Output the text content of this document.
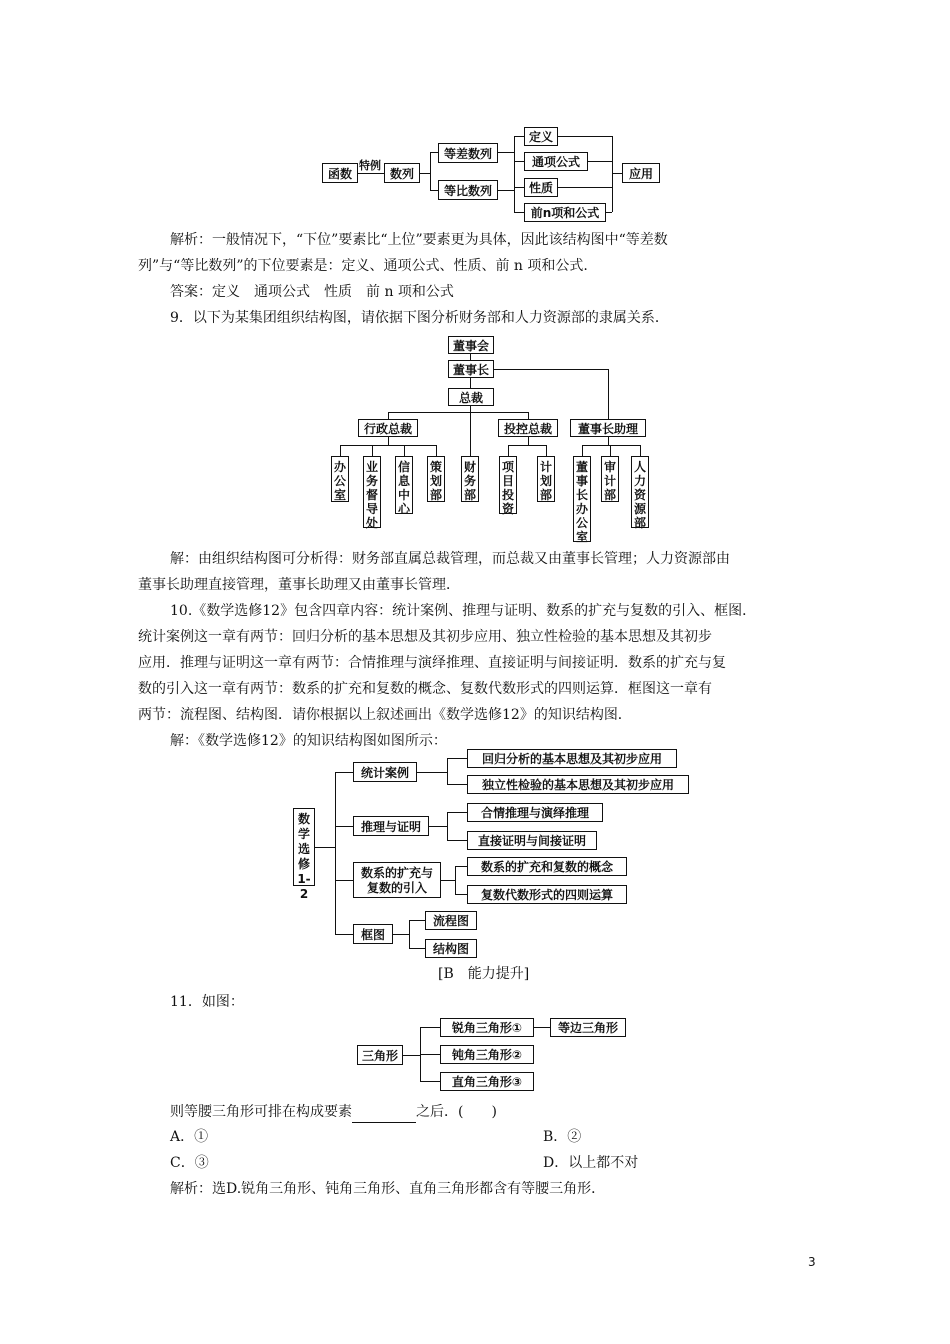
函数
特例
数列
等差数列
等比数列
定义
通项公式
性质
前n项和公式
应用
解析：一般情况下，“下位”要素比“上位”要素更为具体，因此该结构图中“等差数
列”与“等比数列”的下位要素是：定义、通项公式、性质、前 n 项和公式.
答案：定义　通项公式　性质　前 n 项和公式
9．以下为某集团组织结构图，请依据下图分析财务部和人力资源部的隶属关系．
董事会
董事长
总裁
行政总裁	投控总裁	董事长助理
办公室
业务督导处
信息中心
策划部
财务部
项目投资
计划部
董事长办公室
审计部
人力资源部
解：由组织结构图可分析得：财务部直属总裁管理，而总裁又由董事长管理；人力资源部由
董事长助理直接管理，董事长助理又由董事长管理．
10.《数学选修12》包含四章内容：统计案例、推理与证明、数系的扩充与复数的引入、框图．
统计案例这一章有两节：回归分析的基本思想及其初步应用、独立性检验的基本思想及其初步
应用．推理与证明这一章有两节：合情推理与演绎推理、直接证明与间接证明．数系的扩充与复
数的引入这一章有两节：数系的扩充和复数的概念、复数代数形式的四则运算．框图这一章有
两节：流程图、结构图．请你根据以上叙述画出《数学选修12》的知识结构图．
解：《数学选修12》的知识结构图如图所示：
数学选修1-2
统计案例
推理与证明
数系的扩充与
复数的引入
框图
回归分析的基本思想及其初步应用
独立性检验的基本思想及其初步应用
合情推理与演绎推理
直接证明与间接证明
数系的扩充和复数的概念
复数代数形式的四则运算
流程图
结构图
[B　能力提升]
11．如图：
三角形
锐角三角形①
钝角三角形②
直角三角形③
等边三角形
则等腰三角形可排在构成要素	之后．(　　)
A．①	B．②
C．③	D．以上都不对
解析：选D.锐角三角形、钝角三角形、直角三角形都含有等腰三角形．
3
